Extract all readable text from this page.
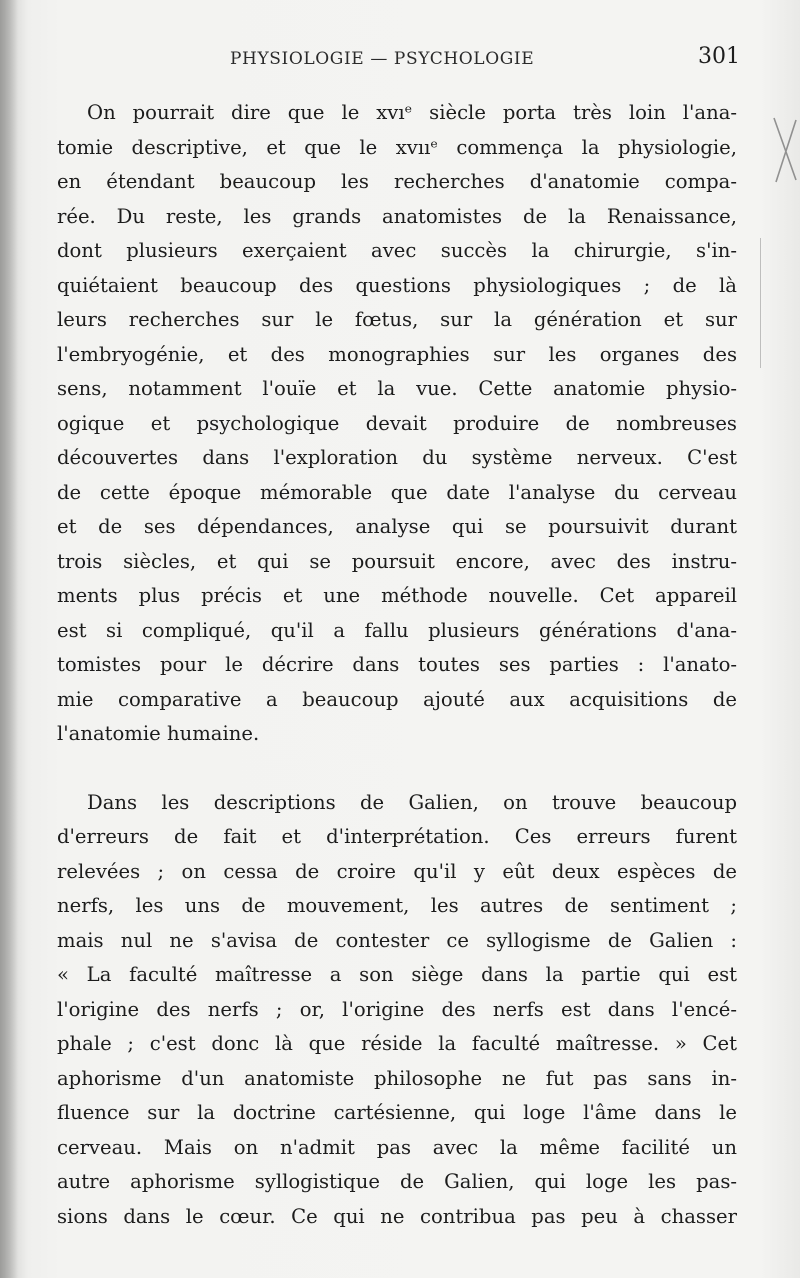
PHYSIOLOGIE — PSYCHOLOGIE	301
On pourrait dire que le xvıᵉ siècle porta très loin l'ana-
tomie descriptive, et que le xvııᵉ commença la physiologie,
en étendant beaucoup les recherches d'anatomie compa-
rée. Du reste, les grands anatomistes de la Renaissance,
dont plusieurs exerçaient avec succès la chirurgie, s'in-
quiétaient beaucoup des questions physiologiques ; de là
leurs recherches sur le fœtus, sur la génération et sur
l'embryogénie, et des monographies sur les organes des
sens, notamment l'ouïe et la vue. Cette anatomie physio-
ogique et psychologique devait produire de nombreuses
découvertes dans l'exploration du système nerveux. C'est
de cette époque mémorable que date l'analyse du cerveau
et de ses dépendances, analyse qui se poursuivit durant
trois siècles, et qui se poursuit encore, avec des instru-
ments plus précis et une méthode nouvelle. Cet appareil
est si compliqué, qu'il a fallu plusieurs générations d'ana-
tomistes pour le décrire dans toutes ses parties : l'anato-
mie comparative a beaucoup ajouté aux acquisitions de
l'anatomie humaine.
Dans les descriptions de Galien, on trouve beaucoup
d'erreurs de fait et d'interprétation. Ces erreurs furent
relevées ; on cessa de croire qu'il y eût deux espèces de
nerfs, les uns de mouvement, les autres de sentiment ;
mais nul ne s'avisa de contester ce syllogisme de Galien :
« La faculté maîtresse a son siège dans la partie qui est
l'origine des nerfs ; or, l'origine des nerfs est dans l'encé-
phale ; c'est donc là que réside la faculté maîtresse. » Cet
aphorisme d'un anatomiste philosophe ne fut pas sans in-
fluence sur la doctrine cartésienne, qui loge l'âme dans le
cerveau. Mais on n'admit pas avec la même facilité un
autre aphorisme syllogistique de Galien, qui loge les pas-
sions dans le cœur. Ce qui ne contribua pas peu à chasser
